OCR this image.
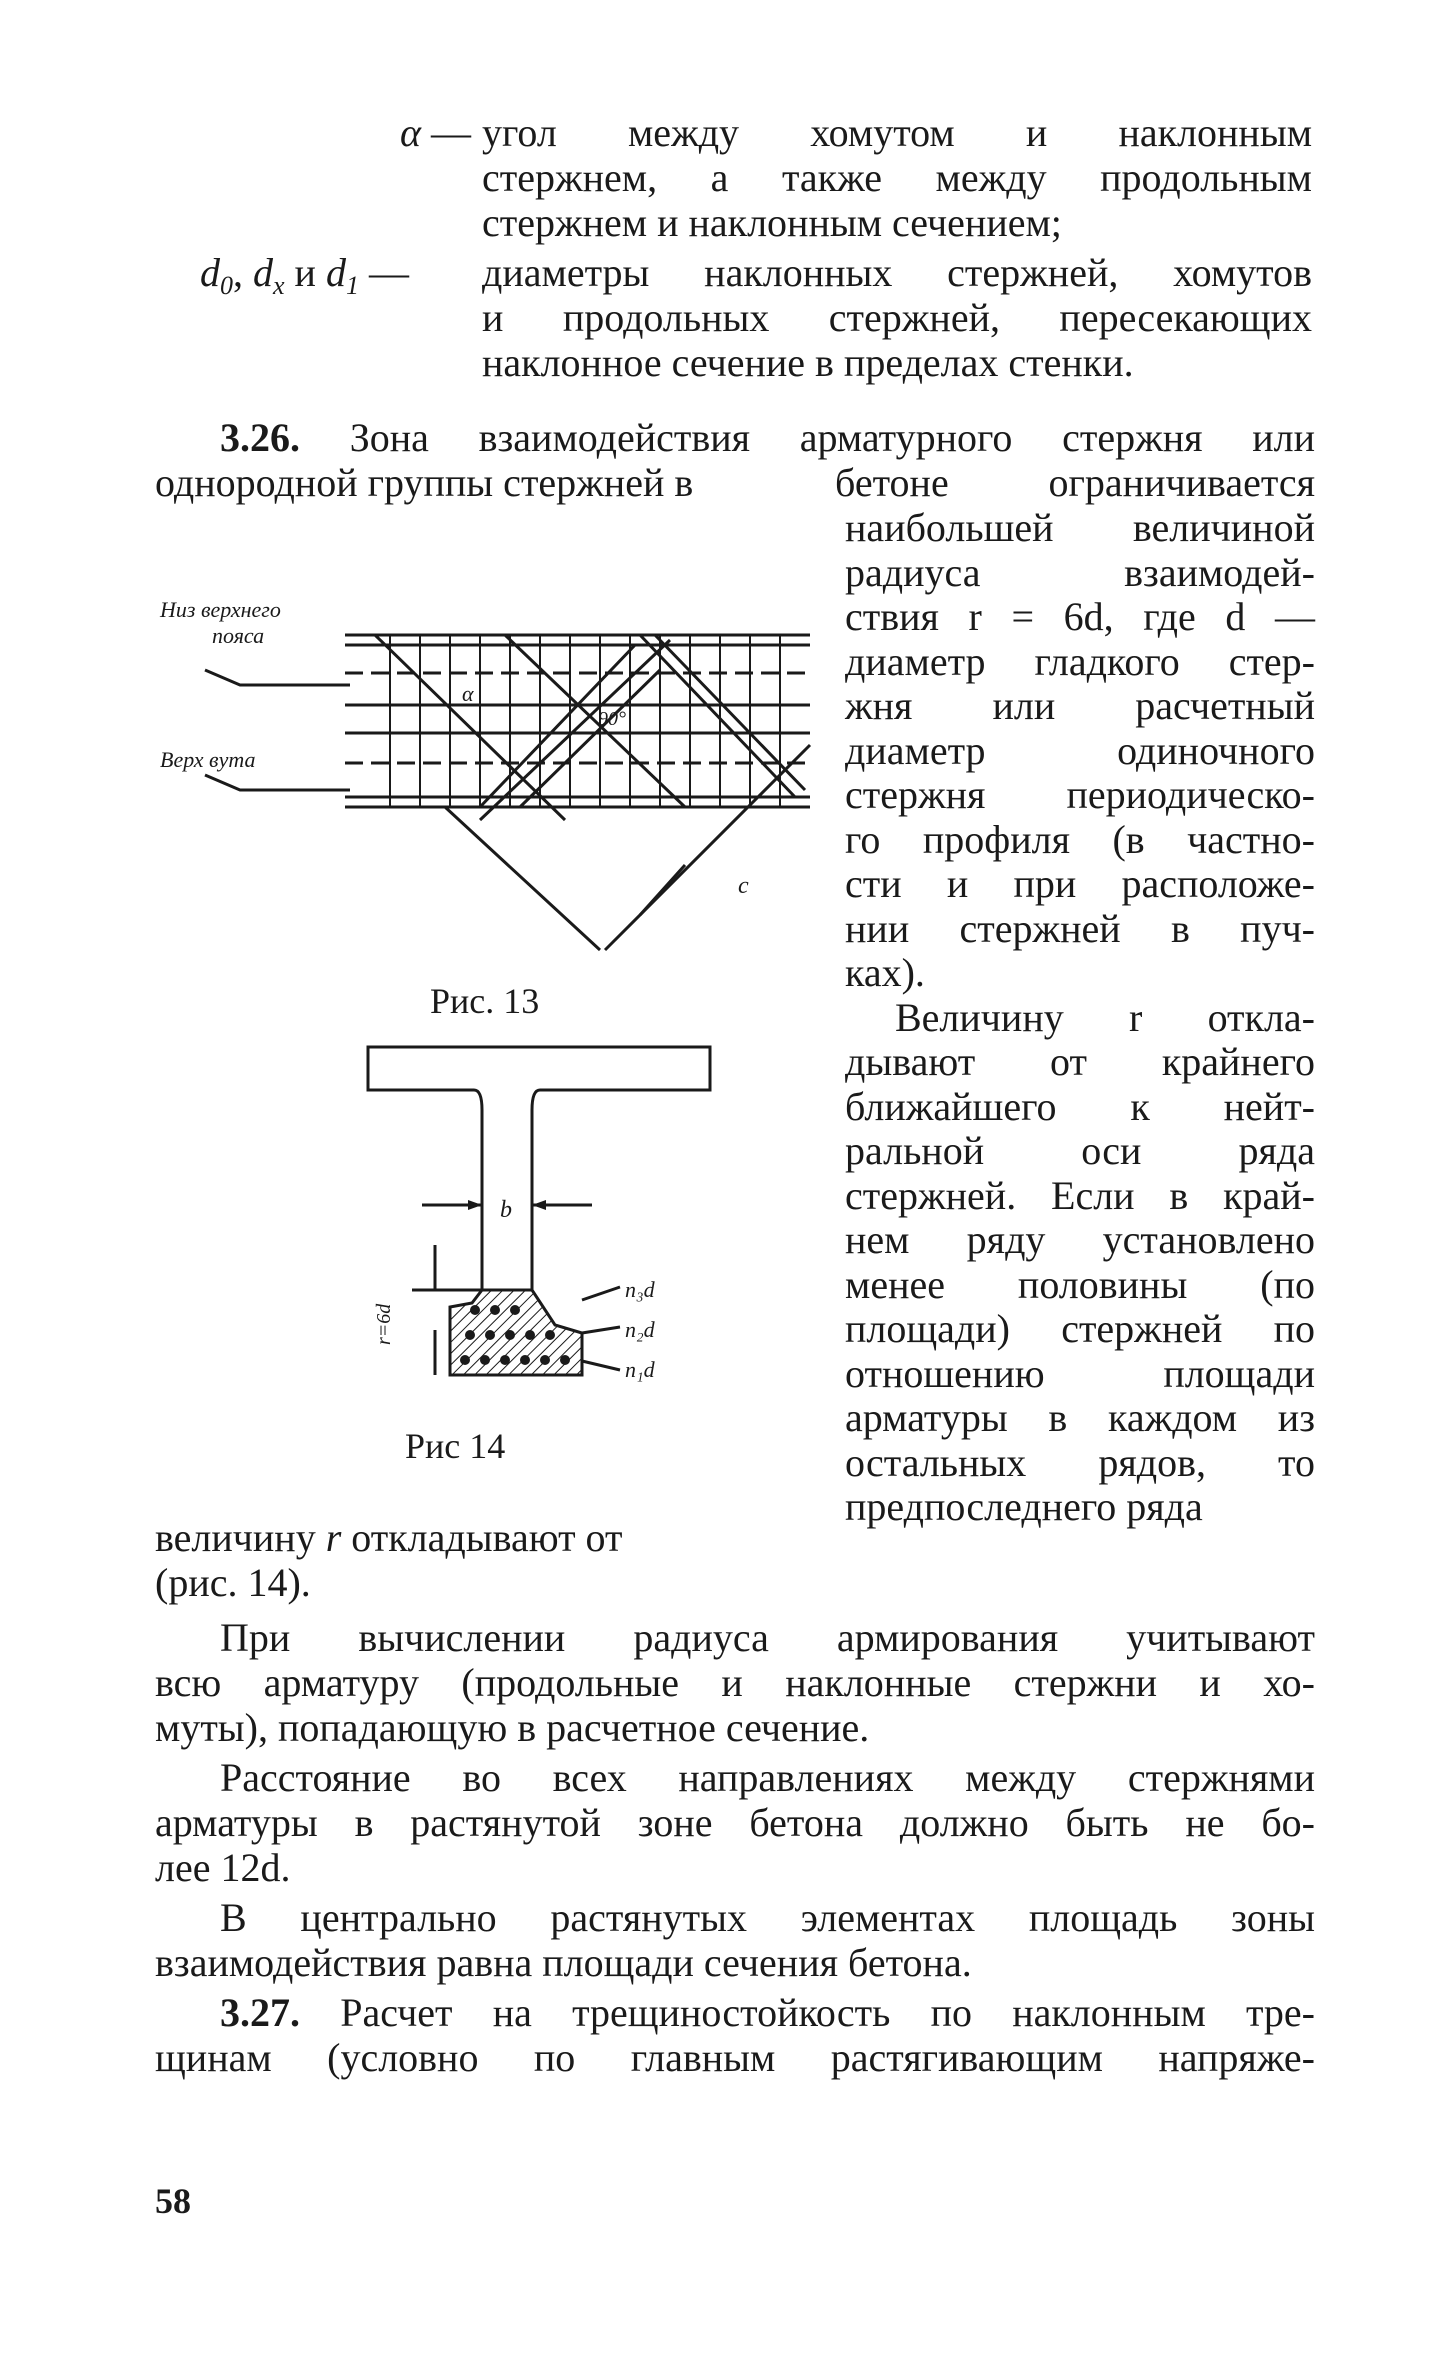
α — угол между хомутом и наклонным
стержнем, а также между продольным
стержнем и наклонным сечением;
$d_0$, $d_x$ и $d_1$ — диаметры наклонных стержней, хомутов
и продольных стержней, пересекающих
наклонное сечение в пределах стенки.
3.26. Зона взаимодействия арматурного стержня или
однородной группы стержней в	бетоне ограничивается
наибольшей величиной
радиуса взаимодей-
ствия r = 6d, где d —
диаметр гладкого стер-
жня или расчетный
диаметр одиночного
стержня периодическо-
го профиля (в частно-
сти и при расположе-
нии стержней в пуч-
ках).
Величину r откла-
дывают от крайнего
ближайшего к нейт-
ральной оси ряда
стержней. Если в край-
нем ряду установлено
менее половины (по
площади) стержней по
отношению площади
арматуры в каждом из
остальных рядов, то
предпоследнего ряда
величину r откладывают от
(рис. 14).
α
90°
c
Низ верхнего
пояса
Верх вута
Рис. 13
b
r=6d
n₃d
n₂d
n₁d
Рис 14
При вычислении радиуса армирования учитывают
всю арматуру (продольные и наклонные стержни и хо-
муты), попадающую в расчетное сечение.
Расстояние во всех направлениях между стержнями
арматуры в растянутой зоне бетона должно быть не бо-
лее 12d.
В центрально растянутых элементах площадь зоны
взаимодействия равна площади сечения бетона.
3.27. Расчет на трещиностойкость по наклонным тре-
щинам (условно по главным растягивающим напряже-
58
